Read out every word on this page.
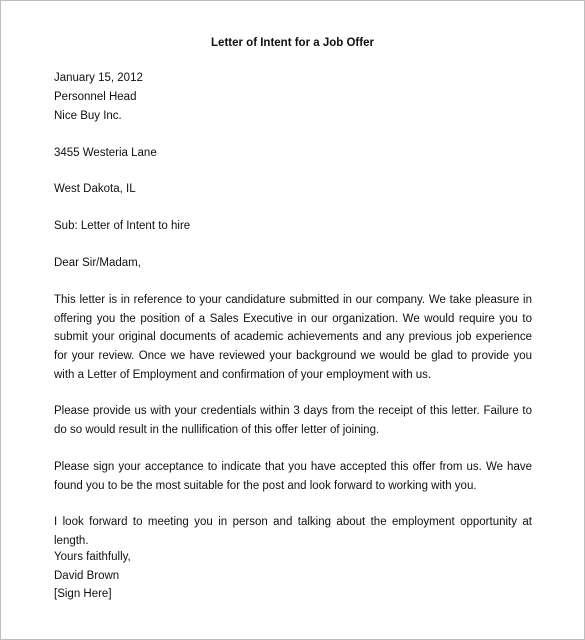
Letter of Intent for a Job Offer
January 15, 2012
Personnel Head
Nice Buy Inc.
3455 Westeria Lane
West Dakota, IL
Sub: Letter of Intent to hire
Dear Sir/Madam,
This letter is in reference to your candidature submitted in our company. We take pleasure in offering you the position of a Sales Executive in our organization. We would require you to submit your original documents of academic achievements and any previous job experience for your review. Once we have reviewed your background we would be glad to provide you with a Letter of Employment and confirmation of your employment with us.
Please provide us with your credentials within 3 days from the receipt of this letter. Failure to do so would result in the nullification of this offer letter of joining.
Please sign your acceptance to indicate that you have accepted this offer from us. We have found you to be the most suitable for the post and look forward to working with you.
I look forward to meeting you in person and talking about the employment opportunity at length.
Yours faithfully,
David Brown
[Sign Here]
